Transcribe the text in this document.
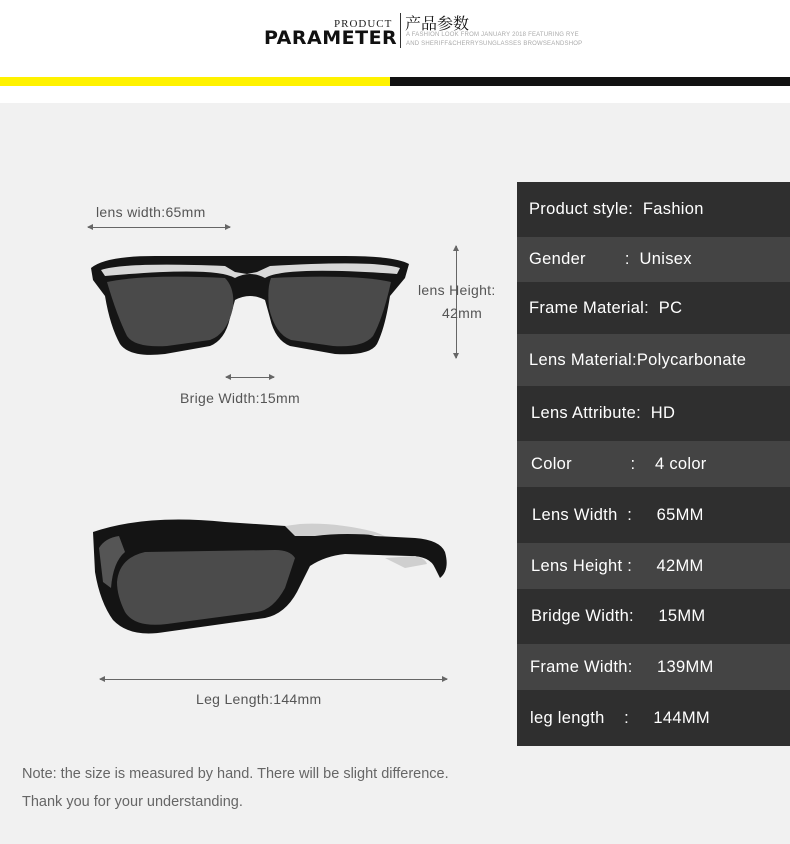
PRODUCT
PARAMETER
产品参数
A FASHION LOOK FROM JANUARY 2018 FEATURING RYE AND SHERIFF&CHERRYSUNGLASSES BROWSEANDSHOP
lens width:65mm
lens Height:
42mm
Brige Width:15mm
Leg Length:144mm
Product style:  Fashion
Gender        :  Unisex
Frame Material:  PC
Lens Material:Polycarbonate
Lens Attribute:  HD
Color            :    4 color
Lens Width  :     65MM
Lens Height :     42MM
Bridge Width:     15MM
Frame Width:     139MM
leg length    :     144MM
Note: the size is measured by hand. There will be slight difference.
Thank you for your understanding.
